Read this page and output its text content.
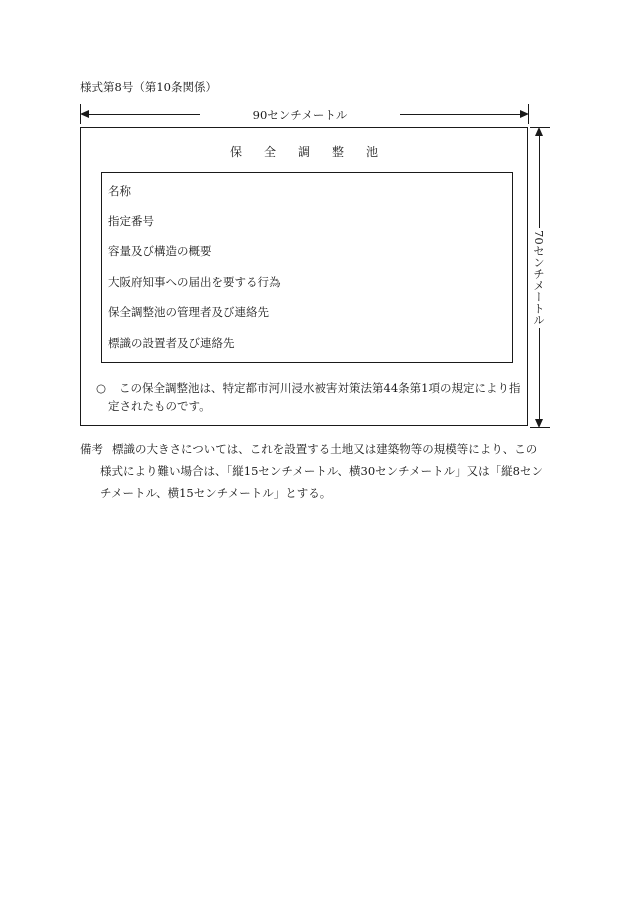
様式第8号（第10条関係）
90センチメートル
70センチメートル
保全調整池
名称
指定番号
容量及び構造の概要
大阪府知事への届出を要する行為
保全調整池の管理者及び連絡先
標識の設置者及び連絡先
○ この保全調整池は、特定都市河川浸水被害対策法第44条第1項の規定により指
定されたものです。
備考 標識の大きさについては、これを設置する土地又は建築物等の規模等により、この
様式により難い場合は、「縦15センチメートル、横30センチメートル」又は「縦8セン
チメートル、横15センチメートル」とする。
